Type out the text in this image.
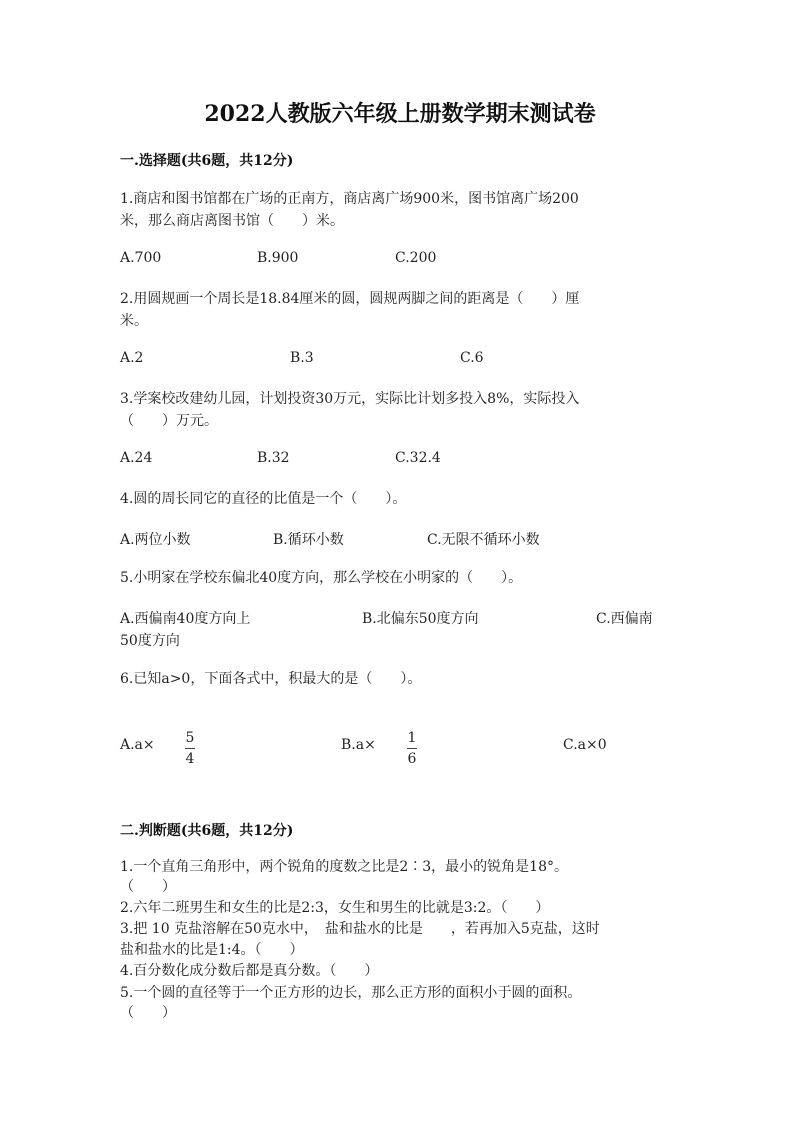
2022人教版六年级上册数学期末测试卷
一.选择题(共6题，共12分)
1.商店和图书馆都在广场的正南方，商店离广场900米，图书馆离广场200
米，那么商店离图书馆（　　）米。
A.700	B.900	C.200
2.用圆规画一个周长是18.84厘米的圆，圆规两脚之间的距离是（　　）厘
米。
A.2	B.3	C.6
3.学案校改建幼儿园，计划投资30万元，实际比计划多投入8%，实际投入
（　　）万元。
A.24	B.32	C.32.4
4.圆的周长同它的直径的比值是一个（　　）。
A.两位小数	B.循环小数	C.无限不循环小数
5.小明家在学校东偏北40度方向，那么学校在小明家的（　　）。
A.西偏南40度方向上	B.北偏东50度方向	C.西偏南
50度方向
6.已知a>0，下面各式中，积最大的是（　　）。
$A.a\times \frac{5}{4}$	$B.a\times \frac{1}{6}$	C.a×0
二.判断题(共6题，共12分)
1.一个直角三角形中，两个锐角的度数之比是2∶3，最小的锐角是18°。
（　　）
2.六年二班男生和女生的比是2:3，女生和男生的比就是3:2。（　　）
3.把 10 克盐溶解在50克水中，　盐和盐水的比是　　，若再加入5克盐，这时
盐和盐水的比是1:4。（　　）
4.百分数化成分数后都是真分数。（　　）
5.一个圆的直径等于一个正方形的边长，那么正方形的面积小于圆的面积。
（　　）
